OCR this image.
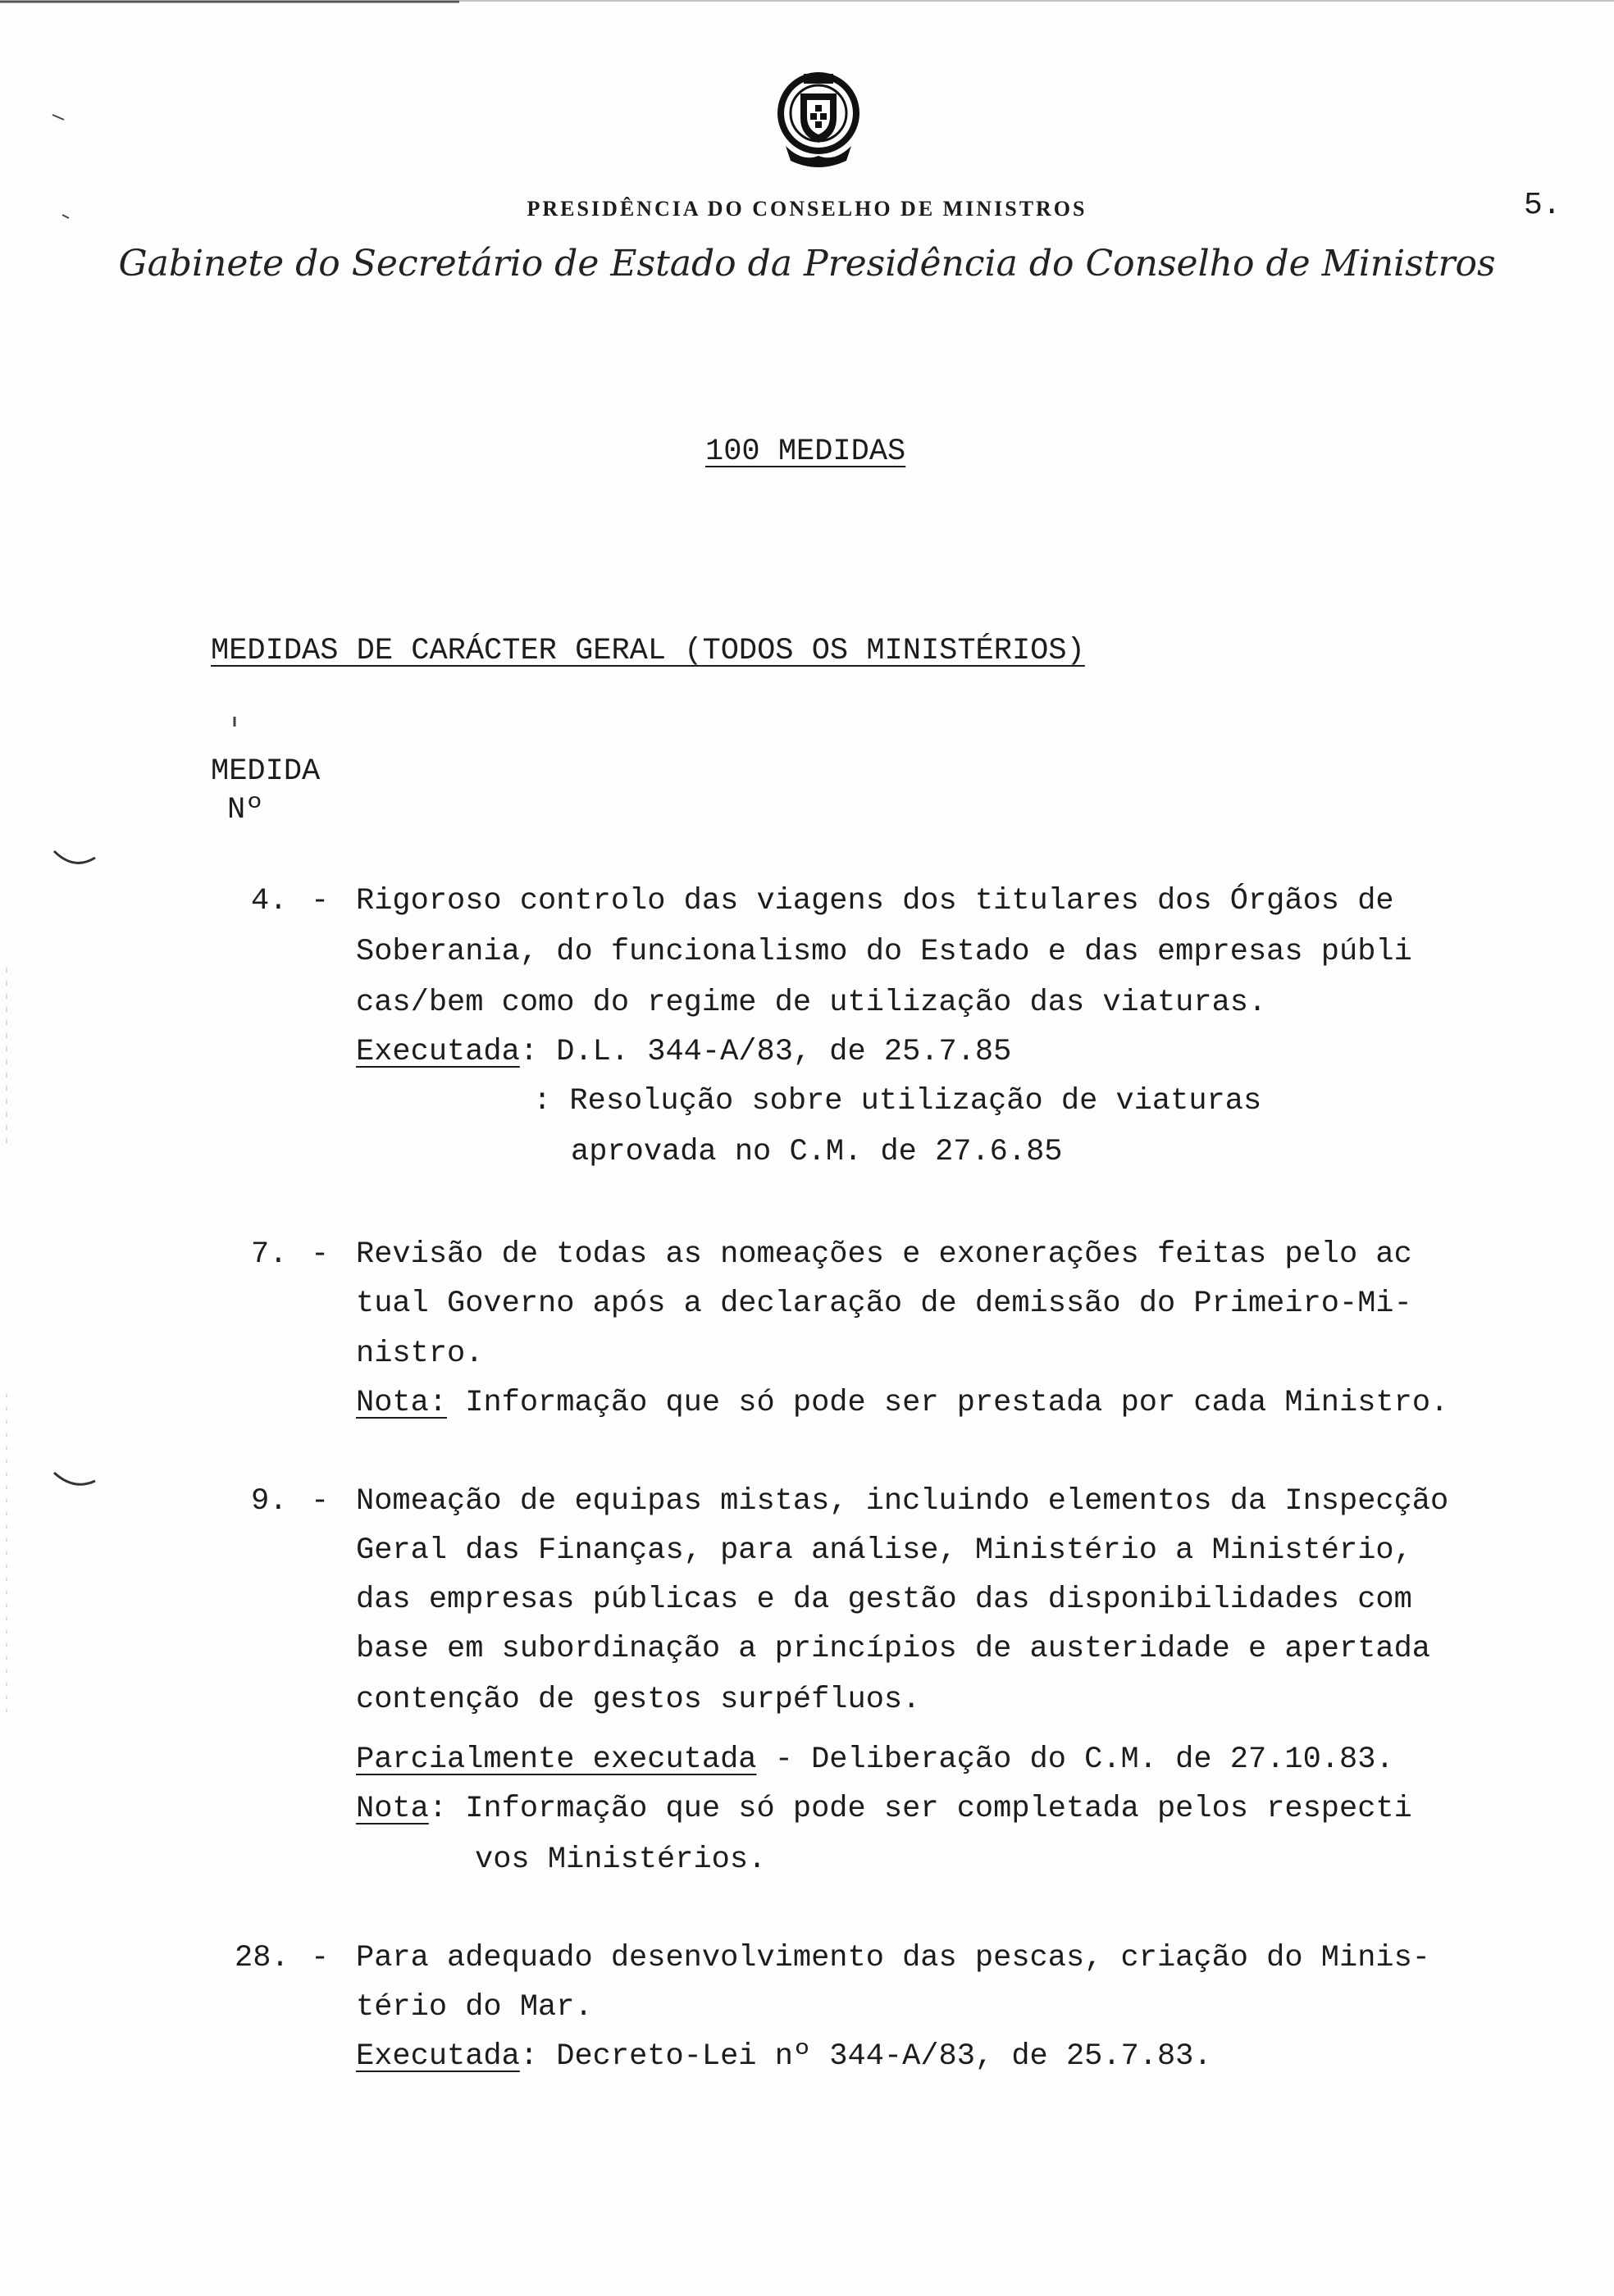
PRESIDÊNCIA DO CONSELHO DE MINISTROS	5.
Gabinete do Secretário de Estado da Presidência do Conselho de Ministros
100 MEDIDAS
MEDIDAS DE CARÁCTER GERAL (TODOS OS MINISTÉRIOS)
MEDIDA
Nº
4. - Rigoroso controlo das viagens dos titulares dos Órgãos de
Soberania, do funcionalismo do Estado e das empresas públi
cas/bem como do regime de utilização das viaturas.
Executada: D.L. 344-A/83, de 25.7.85
: Resolução sobre utilização de viaturas
aprovada no C.M. de 27.6.85
7. - Revisão de todas as nomeações e exonerações feitas pelo ac
tual Governo após a declaração de demissão do Primeiro-Mi-
nistro.
Nota: Informação que só pode ser prestada por cada Ministro.
9. - Nomeação de equipas mistas, incluindo elementos da Inspecção
Geral das Finanças, para análise, Ministério a Ministério,
das empresas públicas e da gestão das disponibilidades com
base em subordinação a princípios de austeridade e apertada
contenção de gestos surpéfluos.
Parcialmente executada - Deliberação do C.M. de 27.10.83.
Nota: Informação que só pode ser completada pelos respecti
vos Ministérios.
28. - Para adequado desenvolvimento das pescas, criação do Minis-
tério do Mar.
Executada: Decreto-Lei nº 344-A/83, de 25.7.83.
